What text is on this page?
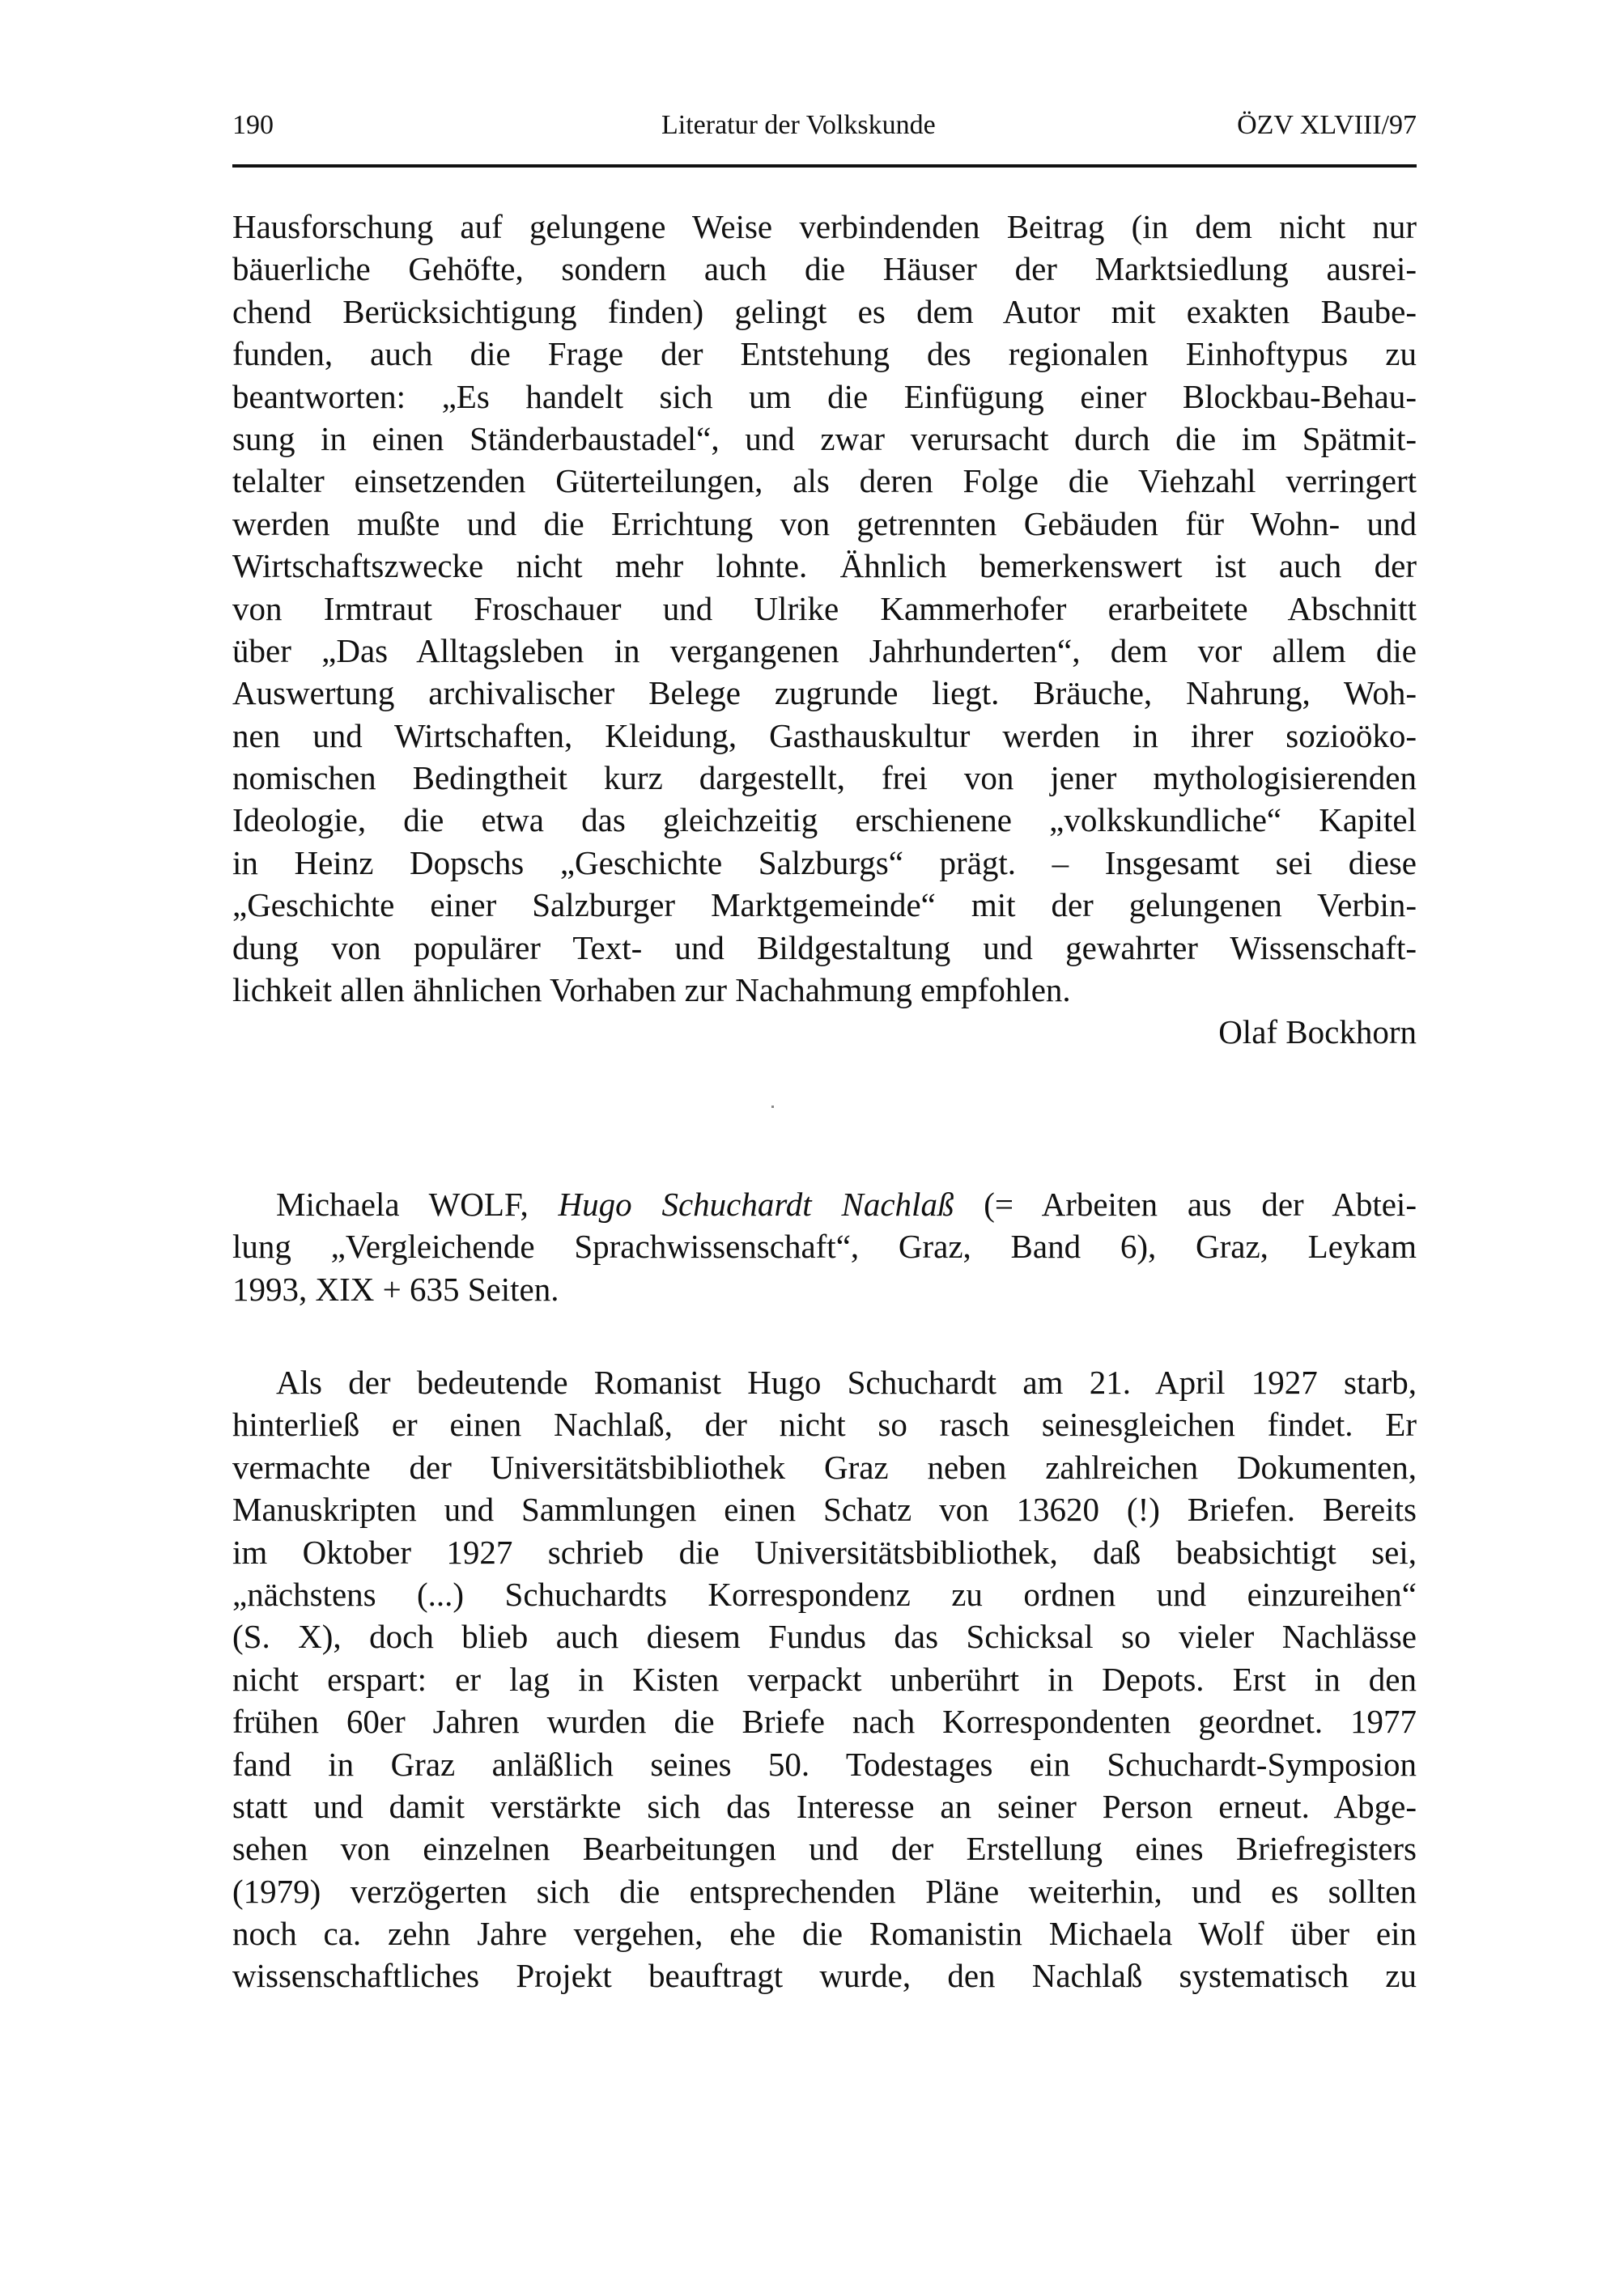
190	Literatur der Volkskunde	ÖZV XLVIII/97
Hausforschung auf gelungene Weise verbindenden Beitrag (in dem nicht nur
bäuerliche Gehöfte, sondern auch die Häuser der Marktsiedlung ausrei-
chend Berücksichtigung finden) gelingt es dem Autor mit exakten Baube-
funden, auch die Frage der Entstehung des regionalen Einhoftypus zu
beantworten: „Es handelt sich um die Einfügung einer Blockbau-Behau-
sung in einen Ständerbaustadel“, und zwar verursacht durch die im Spätmit-
telalter einsetzenden Güterteilungen, als deren Folge die Viehzahl verringert
werden mußte und die Errichtung von getrennten Gebäuden für Wohn- und
Wirtschaftszwecke nicht mehr lohnte. Ähnlich bemerkenswert ist auch der
von Irmtraut Froschauer und Ulrike Kammerhofer erarbeitete Abschnitt
über „Das Alltagsleben in vergangenen Jahrhunderten“, dem vor allem die
Auswertung archivalischer Belege zugrunde liegt. Bräuche, Nahrung, Woh-
nen und Wirtschaften, Kleidung, Gasthauskultur werden in ihrer sozioöko-
nomischen Bedingtheit kurz dargestellt, frei von jener mythologisierenden
Ideologie, die etwa das gleichzeitig erschienene „volkskundliche“ Kapitel
in Heinz Dopschs „Geschichte Salzburgs“ prägt. – Insgesamt sei diese
„Geschichte einer Salzburger Marktgemeinde“ mit der gelungenen Verbin-
dung von populärer Text- und Bildgestaltung und gewahrter Wissenschaft-
lichkeit allen ähnlichen Vorhaben zur Nachahmung empfohlen.
Olaf Bockhorn
Michaela WOLF, Hugo Schuchardt Nachlaß (= Arbeiten aus der Abtei-
lung „Vergleichende Sprachwissenschaft“, Graz, Band 6), Graz, Leykam
1993, XIX + 635 Seiten.
Als der bedeutende Romanist Hugo Schuchardt am 21. April 1927 starb,
hinterließ er einen Nachlaß, der nicht so rasch seinesgleichen findet. Er
vermachte der Universitätsbibliothek Graz neben zahlreichen Dokumenten,
Manuskripten und Sammlungen einen Schatz von 13620 (!) Briefen. Bereits
im Oktober 1927 schrieb die Universitätsbibliothek, daß beabsichtigt sei,
„nächstens (...) Schuchardts Korrespondenz zu ordnen und einzureihen“
(S. X), doch blieb auch diesem Fundus das Schicksal so vieler Nachlässe
nicht erspart: er lag in Kisten verpackt unberührt in Depots. Erst in den
frühen 60er Jahren wurden die Briefe nach Korrespondenten geordnet. 1977
fand in Graz anläßlich seines 50. Todestages ein Schuchardt-Symposion
statt und damit verstärkte sich das Interesse an seiner Person erneut. Abge-
sehen von einzelnen Bearbeitungen und der Erstellung eines Briefregisters
(1979) verzögerten sich die entsprechenden Pläne weiterhin, und es sollten
noch ca. zehn Jahre vergehen, ehe die Romanistin Michaela Wolf über ein
wissenschaftliches Projekt beauftragt wurde, den Nachlaß systematisch zu
